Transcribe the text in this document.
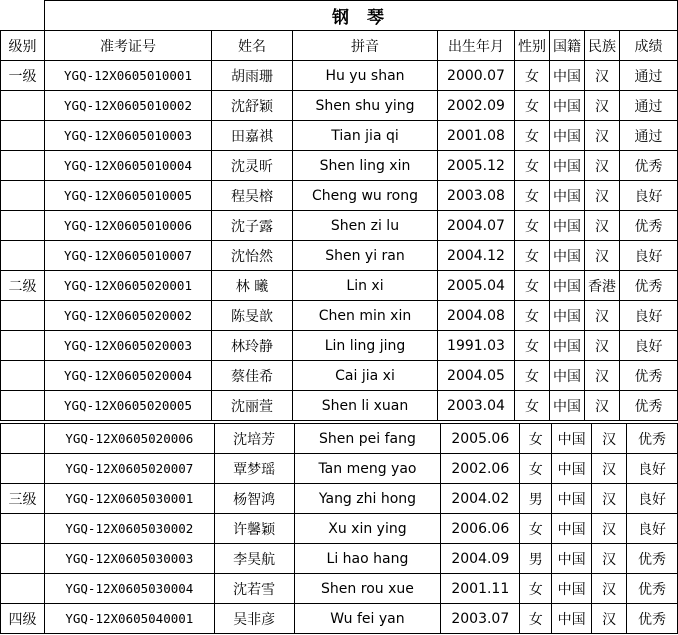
	钢 琴							
级别	准考证号	姓名	拼音	出生年月	性别	国籍	民族	成绩
一级	YGQ-12X0605010001	胡雨珊	Hu yu shan	2000.07	女	中国	汉	通过
	YGQ-12X0605010002	沈舒颖	Shen shu ying	2002.09	女	中国	汉	通过
	YGQ-12X0605010003	田嘉祺	Tian jia qi	2001.08	女	中国	汉	通过
	YGQ-12X0605010004	沈灵昕	Shen ling xin	2005.12	女	中国	汉	优秀
	YGQ-12X0605010005	程吴榕	Cheng wu rong	2003.08	女	中国	汉	良好
	YGQ-12X0605010006	沈子露	Shen zi lu	2004.07	女	中国	汉	优秀
	YGQ-12X0605010007	沈怡然	Shen yi ran	2004.12	女	中国	汉	良好
二级	YGQ-12X0605020001	林 曦	Lin xi	2005.04	女	中国	香港	优秀
	YGQ-12X0605020002	陈旻歆	Chen min xin	2004.08	女	中国	汉	良好
	YGQ-12X0605020003	林玲静	Lin ling jing	1991.03	女	中国	汉	良好
	YGQ-12X0605020004	蔡佳希	Cai jia xi	2004.05	女	中国	汉	优秀
	YGQ-12X0605020005	沈丽萱	Shen li xuan	2003.04	女	中国	汉	优秀
	YGQ-12X0605020006	沈培芳	Shen pei fang	2005.06	女	中国	汉	优秀
	YGQ-12X0605020007	覃梦瑶	Tan meng yao	2002.06	女	中国	汉	良好
三级	YGQ-12X0605030001	杨智鸿	Yang zhi hong	2004.02	男	中国	汉	良好
	YGQ-12X0605030002	许馨颖	Xu xin ying	2006.06	女	中国	汉	良好
	YGQ-12X0605030003	李昊航	Li hao hang	2004.09	男	中国	汉	优秀
	YGQ-12X0605030004	沈若雪	Shen rou xue	2001.11	女	中国	汉	优秀
四级	YGQ-12X0605040001	吴非彦	Wu fei yan	2003.07	女	中国	汉	优秀
